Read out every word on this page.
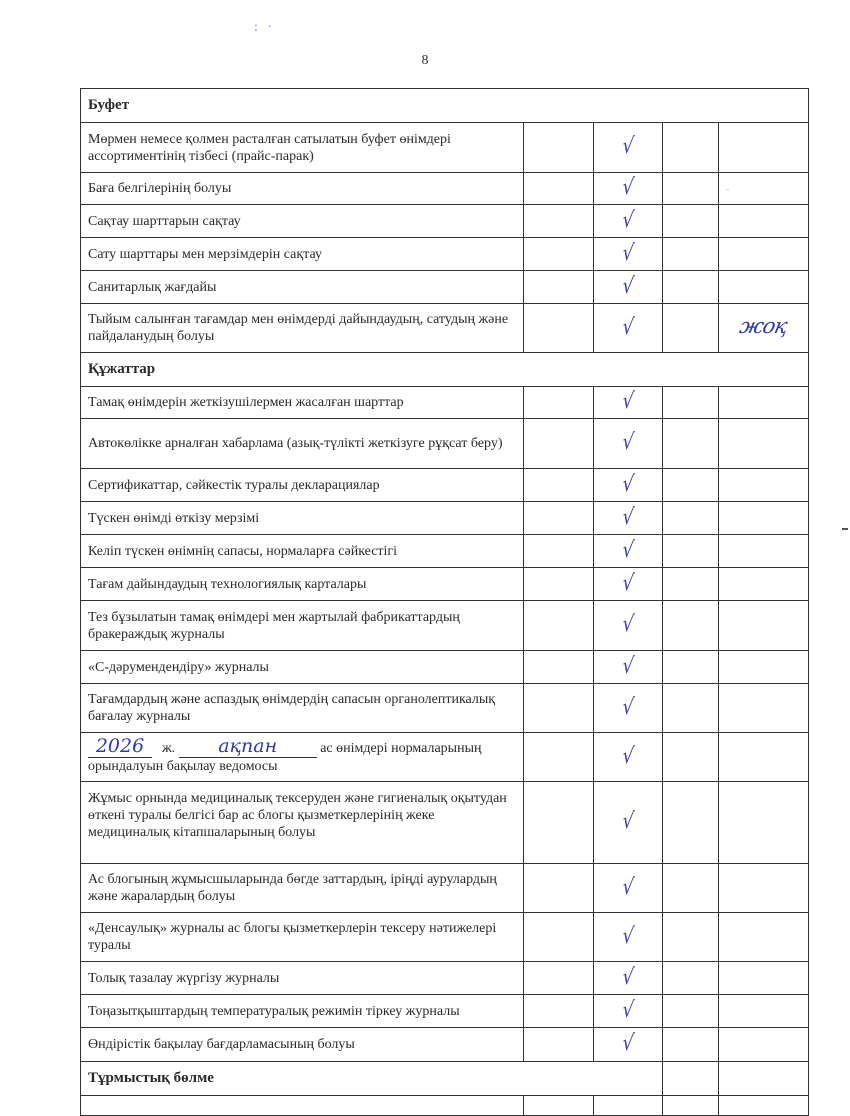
8
: ·
Буфет				
Мөрмен немесе қолмен расталған сатылатын буфет өнімдері ассортиментінің тізбесі (прайс-парак)		√		
Баға белгілерінің болуы		√		-
Сақтау шарттарын сақтау		√		
Сату шарттары мен мерзімдерін сақтау		√		
Санитарлық жағдайы		√		
Тыйым салынған тағамдар мен өнімдерді дайындаудың, сатудың және пайдаланудың болуы		√		жоқ
Құжаттар				
Тамақ өнімдерін жеткізушілермен жасалған шарттар		√		
Автокөлікке арналған хабарлама (азық-түлікті жеткізуге рұқсат беру)		√		
Сертификаттар, сәйкестік туралы декларациялар		√		
Түскен өнімді өткізу мерзімі		√		
Келіп түскен өнімнің сапасы, нормаларға сәйкестігі		√		
Тағам дайындаудың технологиялық карталары		√		
Тез бұзылатын тамақ өнімдері мен жартылай фабрикаттардың бракераждық журналы		√		
«С-дәрумендендіру» журналы		√		
Тағамдардың және аспаздық өнімдердің сапасын органолептикалық бағалау журналы		√		
2026 ж. ақпан ас өнімдері нормаларының орындалуын бақылау ведомосы		√		
Жұмыс орнында медициналық тексеруден және гигиеналық оқытудан өткені туралы белгісі бар ас блогы қызметкерлерінің жеке медициналық кітапшаларының болуы		√		
Ас блогының жұмысшыларында бөгде заттардың, іріңді аурулардың және жаралардың болуы		√		
«Денсаулық» журналы ас блогы қызметкерлерін тексеру нәтижелері туралы		√		
Толық тазалау жүргізу журналы		√		
Тоңазытқыштардың температуралық режимін тіркеу журналы		√		
Өндірістік бақылау бағдарламасының болуы		√		
Тұрмыстық бөлме				
